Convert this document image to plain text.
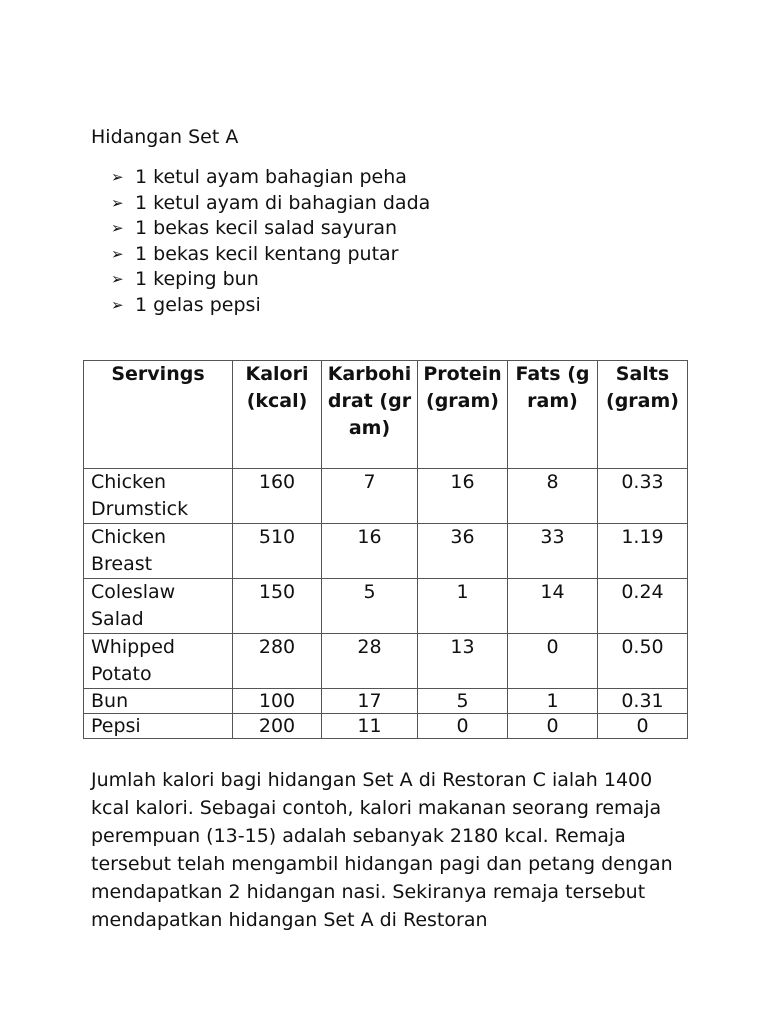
Hidangan Set A
➢ 1 ketul ayam bahagian peha
➢ 1 ketul ayam di bahagian dada
➢ 1 bekas kecil salad sayuran
➢ 1 bekas kecil kentang putar
➢ 1 keping bun
➢ 1 gelas pepsi
Servings	Kalori (kcal)	Karbohidrat (gram)	Protein (gram)	Fats (gram)	Salts (gram)
Chicken Drumstick	160	7	16	8	0.33
Chicken Breast	510	16	36	33	1.19
Coleslaw Salad	150	5	1	14	0.24
Whipped Potato	280	28	13	0	0.50
Bun	100	17	5	1	0.31
Pepsi	200	11	0	0	0

Jumlah kalori bagi hidangan Set A di Restoran C ialah 1400 kcal kalori. Sebagai contoh, kalori makanan seorang remaja perempuan (13-15) adalah sebanyak 2180 kcal. Remaja tersebut telah mengambil hidangan pagi dan petang dengan mendapatkan 2 hidangan nasi. Sekiranya remaja tersebut mendapatkan hidangan Set A di Restoran
